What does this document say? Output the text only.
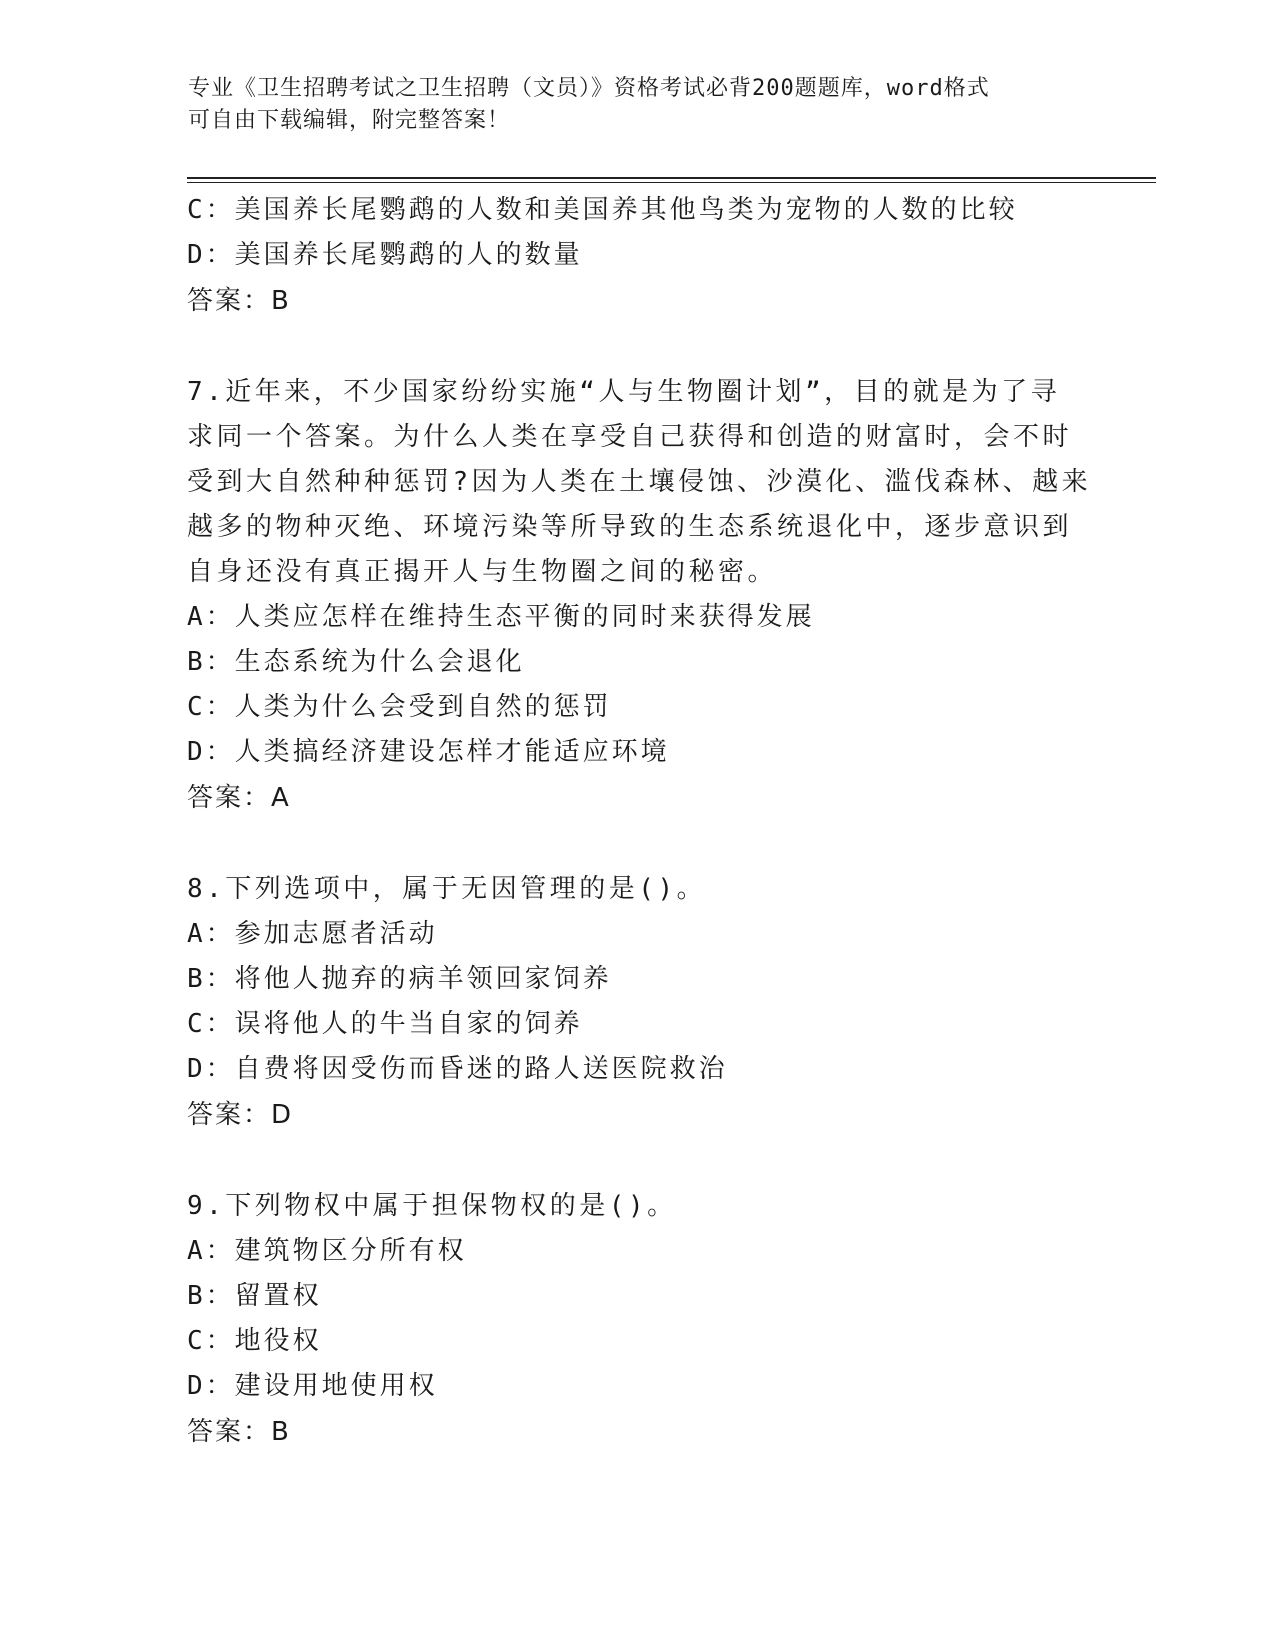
专业《卫生招聘考试之卫生招聘（文员）》资格考试必背200题题库，word格式
可自由下载编辑，附完整答案！
C：美国养长尾鹦鹉的人数和美国养其他鸟类为宠物的人数的比较
D：美国养长尾鹦鹉的人的数量
答案：B
7.近年来，不少国家纷纷实施“人与生物圈计划”，目的就是为了寻
求同一个答案。为什么人类在享受自己获得和创造的财富时，会不时
受到大自然种种惩罚?因为人类在土壤侵蚀、沙漠化、滥伐森林、越来
越多的物种灭绝、环境污染等所导致的生态系统退化中，逐步意识到
自身还没有真正揭开人与生物圈之间的秘密。
A：人类应怎样在维持生态平衡的同时来获得发展
B：生态系统为什么会退化
C：人类为什么会受到自然的惩罚
D：人类搞经济建设怎样才能适应环境
答案：A
8.下列选项中，属于无因管理的是()。
A：参加志愿者活动
B：将他人抛弃的病羊领回家饲养
C：误将他人的牛当自家的饲养
D：自费将因受伤而昏迷的路人送医院救治
答案：D
9.下列物权中属于担保物权的是()。
A：建筑物区分所有权
B：留置权
C：地役权
D：建设用地使用权
答案：B
